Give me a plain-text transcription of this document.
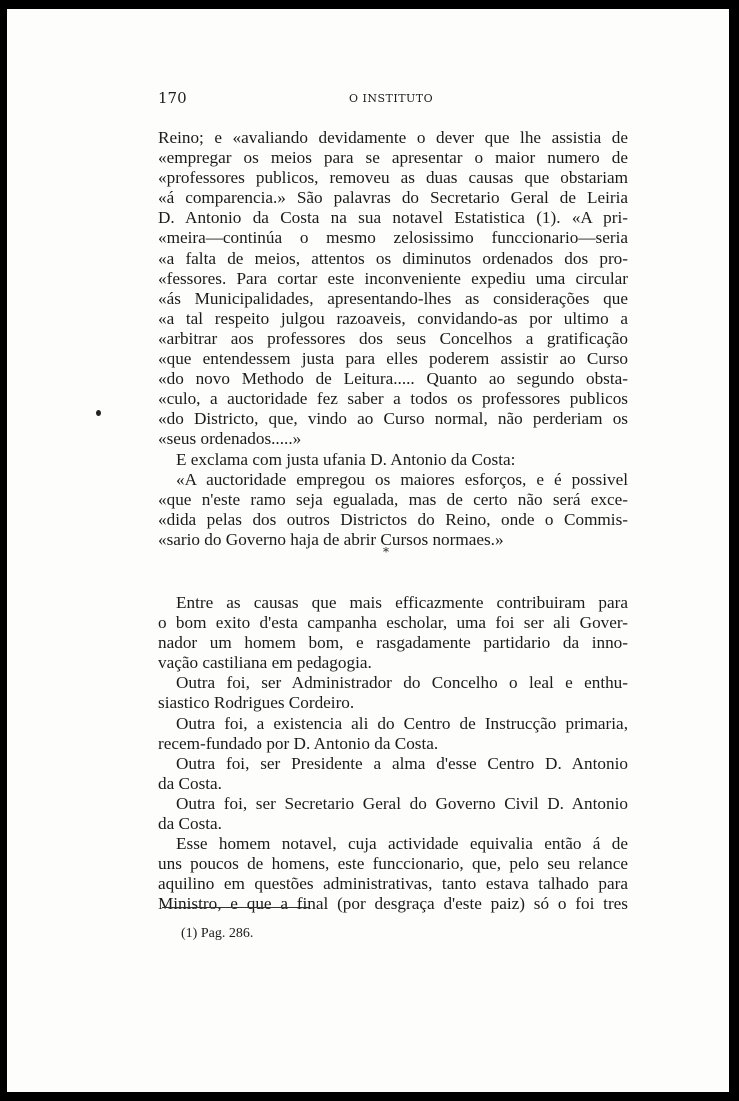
170	O INSTITUTO
Reino; e «avaliando devidamente o dever que lhe assistia de
«empregar os meios para se apresentar o maior numero de
«professores publicos, removeu as duas causas que obstariam
«á comparencia.» São palavras do Secretario Geral de Leiria
D. Antonio da Costa na sua notavel Estatistica (1). «A pri-
«meira—continúa o mesmo zelosissimo funccionario—seria
«a falta de meios, attentos os diminutos ordenados dos pro-
«fessores. Para cortar este inconveniente expediu uma circular
«ás Municipalidades, apresentando-lhes as considerações que
«a tal respeito julgou razoaveis, convidando-as por ultimo a
«arbitrar aos professores dos seus Concelhos a gratificação
«que entendessem justa para elles poderem assistir ao Curso
«do novo Methodo de Leitura..... Quanto ao segundo obsta-
«culo, a auctoridade fez saber a todos os professores publicos
«do Districto, que, vindo ao Curso normal, não perderiam os
«seus ordenados.....»
E exclama com justa ufania D. Antonio da Costa:
«A auctoridade empregou os maiores esforços, e é possivel
«que n'este ramo seja egualada, mas de certo não será exce-
«dida pelas dos outros Districtos do Reino, onde o Commis-
«sario do Governo haja de abrir Cursos normaes.»
*
Entre as causas que mais efficazmente contribuiram para
o bom exito d'esta campanha escholar, uma foi ser ali Gover-
nador um homem bom, e rasgadamente partidario da inno-
vação castiliana em pedagogia.
Outra foi, ser Administrador do Concelho o leal e enthu-
siastico Rodrigues Cordeiro.
Outra foi, a existencia ali do Centro de Instrucção primaria,
recem-fundado por D. Antonio da Costa.
Outra foi, ser Presidente a alma d'esse Centro D. Antonio
da Costa.
Outra foi, ser Secretario Geral do Governo Civil D. Antonio
da Costa.
Esse homem notavel, cuja actividade equivalia então á de
uns poucos de homens, este funccionario, que, pelo seu relance
aquilino em questões administrativas, tanto estava talhado para
Ministro, e que a final (por desgraça d'este paiz) só o foi tres
(1) Pag. 286.
